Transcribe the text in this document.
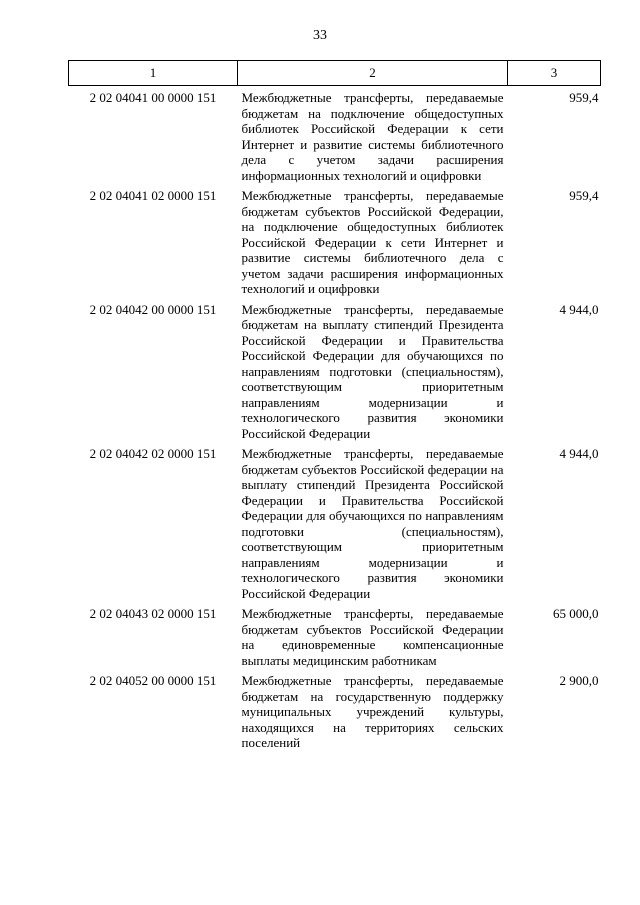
33
1	2	3
2 02 04041 00 0000 151	Межбюджетные трансферты, передаваемые бюджетам на подключение общедоступных библиотек Российской Федерации к сети Интернет и развитие системы библиотечного дела с учетом задачи расширения информационных технологий и оцифровки	959,4
2 02 04041 02 0000 151	Межбюджетные трансферты, передаваемые бюджетам субъектов Российской Федерации, на подключение общедоступных библиотек Российской Федерации к сети Интернет и развитие системы библиотечного дела с учетом задачи расширения информационных технологий и оцифровки	959,4
2 02 04042 00 0000 151	Межбюджетные трансферты, передаваемые бюджетам на выплату стипендий Президента Российской Федерации и Правительства Российской Федерации для обучающихся по направлениям подготовки (специальностям), соответствующим приоритетным направлениям модернизации и технологического развития экономики Российской Федерации	4 944,0
2 02 04042 02 0000 151	Межбюджетные трансферты, передаваемые бюджетам субъектов Российской федерации на выплату стипендий Президента Российской Федерации и Правительства Российской Федерации для обучающихся по направлениям подготовки (специальностям), соответствующим приоритетным направлениям модернизации и технологического развития экономики Российской Федерации	4 944,0
2 02 04043 02 0000 151	Межбюджетные трансферты, передаваемые бюджетам субъектов Российской Федерации на единовременные компенсационные выплаты медицинским работникам	65 000,0
2 02 04052 00 0000 151	Межбюджетные трансферты, передаваемые бюджетам на государственную поддержку муниципальных учреждений культуры, находящихся на территориях сельских поселений	2 900,0
